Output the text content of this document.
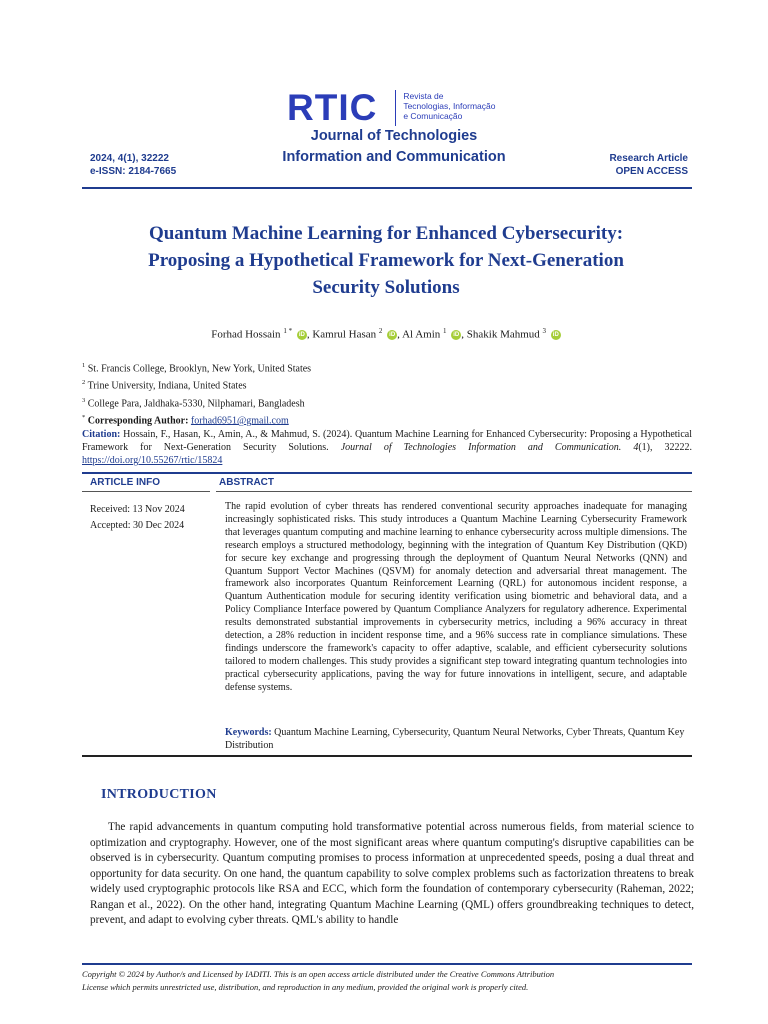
RTIC	Revista de
Tecnologias, Informação
e Comunicação
Journal of Technologies
Information and Communication
2024, 4(1), 32222
e-ISSN: 2184-7665
Research Article
OPEN ACCESS
Quantum Machine Learning for Enhanced Cybersecurity:
Proposing a Hypothetical Framework for Next-Generation
Security Solutions
Forhad Hossain $^{1 *}$ iD , Kamrul Hasan $^2$ iD , Al Amin $^1$ iD , Shakik Mahmud $^3$ iD
$^1$ St. Francis College, Brooklyn, New York, United States
$^2$ Trine University, Indiana, United States
$^3$ College Para, Jaldhaka-5330, Nilphamari, Bangladesh
* Corresponding Author: forhad6951@gmail.com
Citation: Hossain, F., Hasan, K., Amin, A., & Mahmud, S. (2024). Quantum Machine Learning for Enhanced Cybersecurity: Proposing a Hypothetical Framework for Next-Generation Security Solutions. Journal of Technologies Information and Communication. 4(1), 32222. https://doi.org/10.55267/rtic/15824
ARTICLE INFO	ABSTRACT
Received: 13 Nov 2024
Accepted: 30 Dec 2024
The rapid evolution of cyber threats has rendered conventional security approaches inadequate for managing increasingly sophisticated risks. This study introduces a Quantum Machine Learning Cybersecurity Framework that leverages quantum computing and machine learning to enhance cybersecurity across multiple dimensions. The research employs a structured methodology, beginning with the integration of Quantum Key Distribution (QKD) for secure key exchange and progressing through the deployment of Quantum Neural Networks (QNN) and Quantum Support Vector Machines (QSVM) for anomaly detection and adversarial threat management. The framework also incorporates Quantum Reinforcement Learning (QRL) for autonomous incident response, a Quantum Authentication module for securing identity verification using biometric and behavioral data, and a Policy Compliance Interface powered by Quantum Compliance Analyzers for regulatory adherence. Experimental results demonstrated substantial improvements in cybersecurity metrics, including a 96% accuracy in threat detection, a 28% reduction in incident response time, and a 96% success rate in compliance simulations. These findings underscore the framework's capacity to offer adaptive, scalable, and efficient cybersecurity solutions tailored to modern challenges. This study provides a significant step toward integrating quantum technologies into practical cybersecurity applications, paving the way for future innovations in intelligent, secure, and adaptable defense systems.
Keywords: Quantum Machine Learning, Cybersecurity, Quantum Neural Networks, Cyber Threats, Quantum Key Distribution
INTRODUCTION
The rapid advancements in quantum computing hold transformative potential across numerous fields, from material science to optimization and cryptography. However, one of the most significant areas where quantum computing's disruptive capabilities can be observed is in cybersecurity. Quantum computing promises to process information at unprecedented speeds, posing a dual threat and opportunity for data security. On one hand, the quantum capability to solve complex problems such as factorization threatens to break widely used cryptographic protocols like RSA and ECC, which form the foundation of contemporary cybersecurity (Raheman, 2022; Rangan et al., 2022). On the other hand, integrating Quantum Machine Learning (QML) offers groundbreaking techniques to detect, prevent, and adapt to evolving cyber threats. QML's ability to handle
Copyright © 2024 by Author/s and Licensed by IADITI. This is an open access article distributed under the Creative Commons Attribution
License which permits unrestricted use, distribution, and reproduction in any medium, provided the original work is properly cited.
